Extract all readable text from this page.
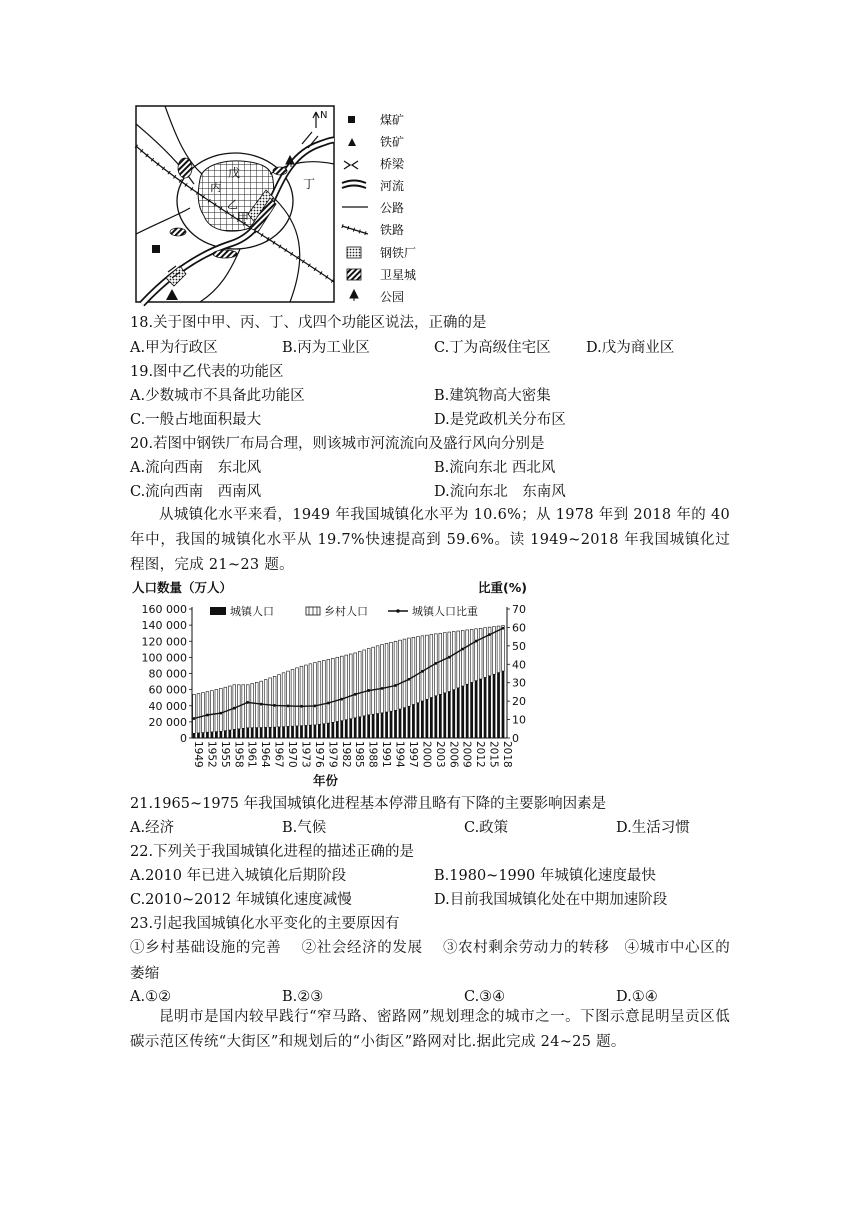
戊
丙
乙
甲
丁
N	煤矿
铁矿
桥梁
河流
公路
铁路
钢铁厂
卫星城
公园
18.关于图中甲、丙、丁、戊四个功能区说法，正确的是
A.甲为行政区	B.丙为工业区	C.丁为高级住宅区 D.戊为商业区
19.图中乙代表的功能区
A.少数城市不具备此功能区	B.建筑物高大密集
C.一般占地面积最大	D.是党政机关分布区
20.若图中钢铁厂布局合理，则该城市河流流向及盛行风向分别是
A.流向西南　东北风	B.流向东北 西北风
C.流向西南　西南风	D.流向东北　东南风
从城镇化水平来看，1949 年我国城镇化水平为 10.6%；从 1978 年到 2018 年的 40 年中，我国的城镇化水平从 19.7%快速提高到 59.6%。读 1949~2018 年我国城镇化过程图，完成 21~23 题。
160 000
140 000
120 000
100 000
80 000
60 000
40 000
20 000
0
70
60
50
40
30
20
10
0
1949 1952 1955 1958 1961 1964 1967 1970 1973 1976 1979 1982 1985 1988 1991 1994 1997 2000 2003 2006 2009 2012 2015 2018
人口数量（万人）	比重(%)
年份
城镇人口	乡村人口	城镇人口比重
21.1965~1975 年我国城镇化进程基本停滞且略有下降的主要影响因素是
A.经济	B.气候	C.政策	D.生活习惯
22.下列关于我国城镇化进程的描述正确的是
A.2010 年已进入城镇化后期阶段	B.1980~1990 年城镇化速度最快
C.2010~2012 年城镇化速度减慢	D.目前我国城镇化处在中期加速阶段
23.引起我国城镇化水平变化的主要原因有
①乡村基础设施的完善　 ②社会经济的发展　 ③农村剩余劳动力的转移　④城市中心区的萎缩
A.①②	B.②③	C.③④	D.①④
昆明市是国内较早践行“窄马路、密路网”规划理念的城市之一。下图示意昆明呈贡区低碳示范区传统“大街区”和规划后的“小街区”路网对比.据此完成 24~25 题。
